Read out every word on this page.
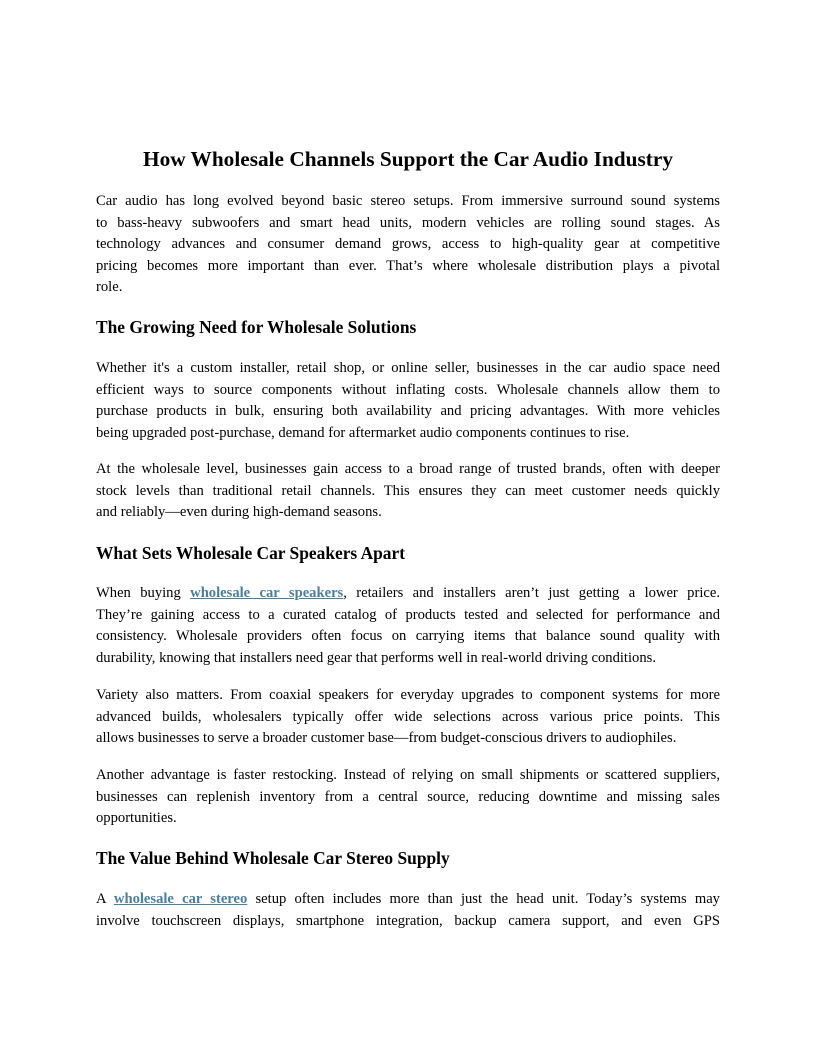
How Wholesale Channels Support the Car Audio Industry
Car audio has long evolved beyond basic stereo setups. From immersive surround sound systems
to bass-heavy subwoofers and smart head units, modern vehicles are rolling sound stages. As
technology advances and consumer demand grows, access to high-quality gear at competitive
pricing becomes more important than ever. That’s where wholesale distribution plays a pivotal
role.
The Growing Need for Wholesale Solutions
Whether it's a custom installer, retail shop, or online seller, businesses in the car audio space need
efficient ways to source components without inflating costs. Wholesale channels allow them to
purchase products in bulk, ensuring both availability and pricing advantages. With more vehicles
being upgraded post-purchase, demand for aftermarket audio components continues to rise.
At the wholesale level, businesses gain access to a broad range of trusted brands, often with deeper
stock levels than traditional retail channels. This ensures they can meet customer needs quickly
and reliably—even during high-demand seasons.
What Sets Wholesale Car Speakers Apart
When buying wholesale car speakers, retailers and installers aren’t just getting a lower price.
They’re gaining access to a curated catalog of products tested and selected for performance and
consistency. Wholesale providers often focus on carrying items that balance sound quality with
durability, knowing that installers need gear that performs well in real-world driving conditions.
Variety also matters. From coaxial speakers for everyday upgrades to component systems for more
advanced builds, wholesalers typically offer wide selections across various price points. This
allows businesses to serve a broader customer base—from budget-conscious drivers to audiophiles.
Another advantage is faster restocking. Instead of relying on small shipments or scattered suppliers,
businesses can replenish inventory from a central source, reducing downtime and missing sales
opportunities.
The Value Behind Wholesale Car Stereo Supply
A wholesale car stereo setup often includes more than just the head unit. Today’s systems may
involve touchscreen displays, smartphone integration, backup camera support, and even GPS
